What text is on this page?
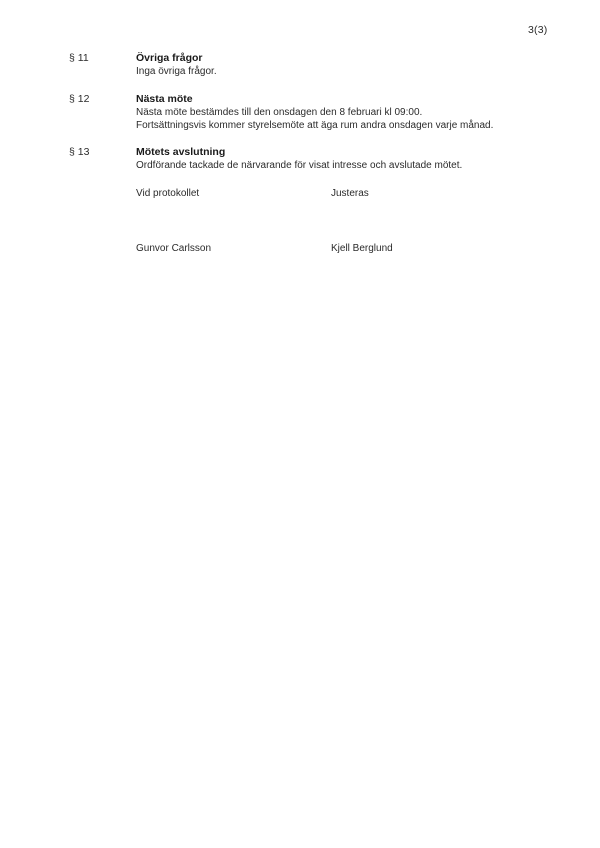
3(3)
§ 11	Övriga frågor

Inga övriga frågor.

§ 12	Nästa möte

Nästa möte bestämdes till den onsdagen den 8 februari kl 09:00.

Fortsättningsvis kommer styrelsemöte att äga rum andra onsdagen varje månad.

§ 13	Mötets avslutning

Ordförande tackade de närvarande för visat intresse och avslutade mötet.

Vid protokollet	Justeras
Gunvor Carlsson	Kjell Berglund
